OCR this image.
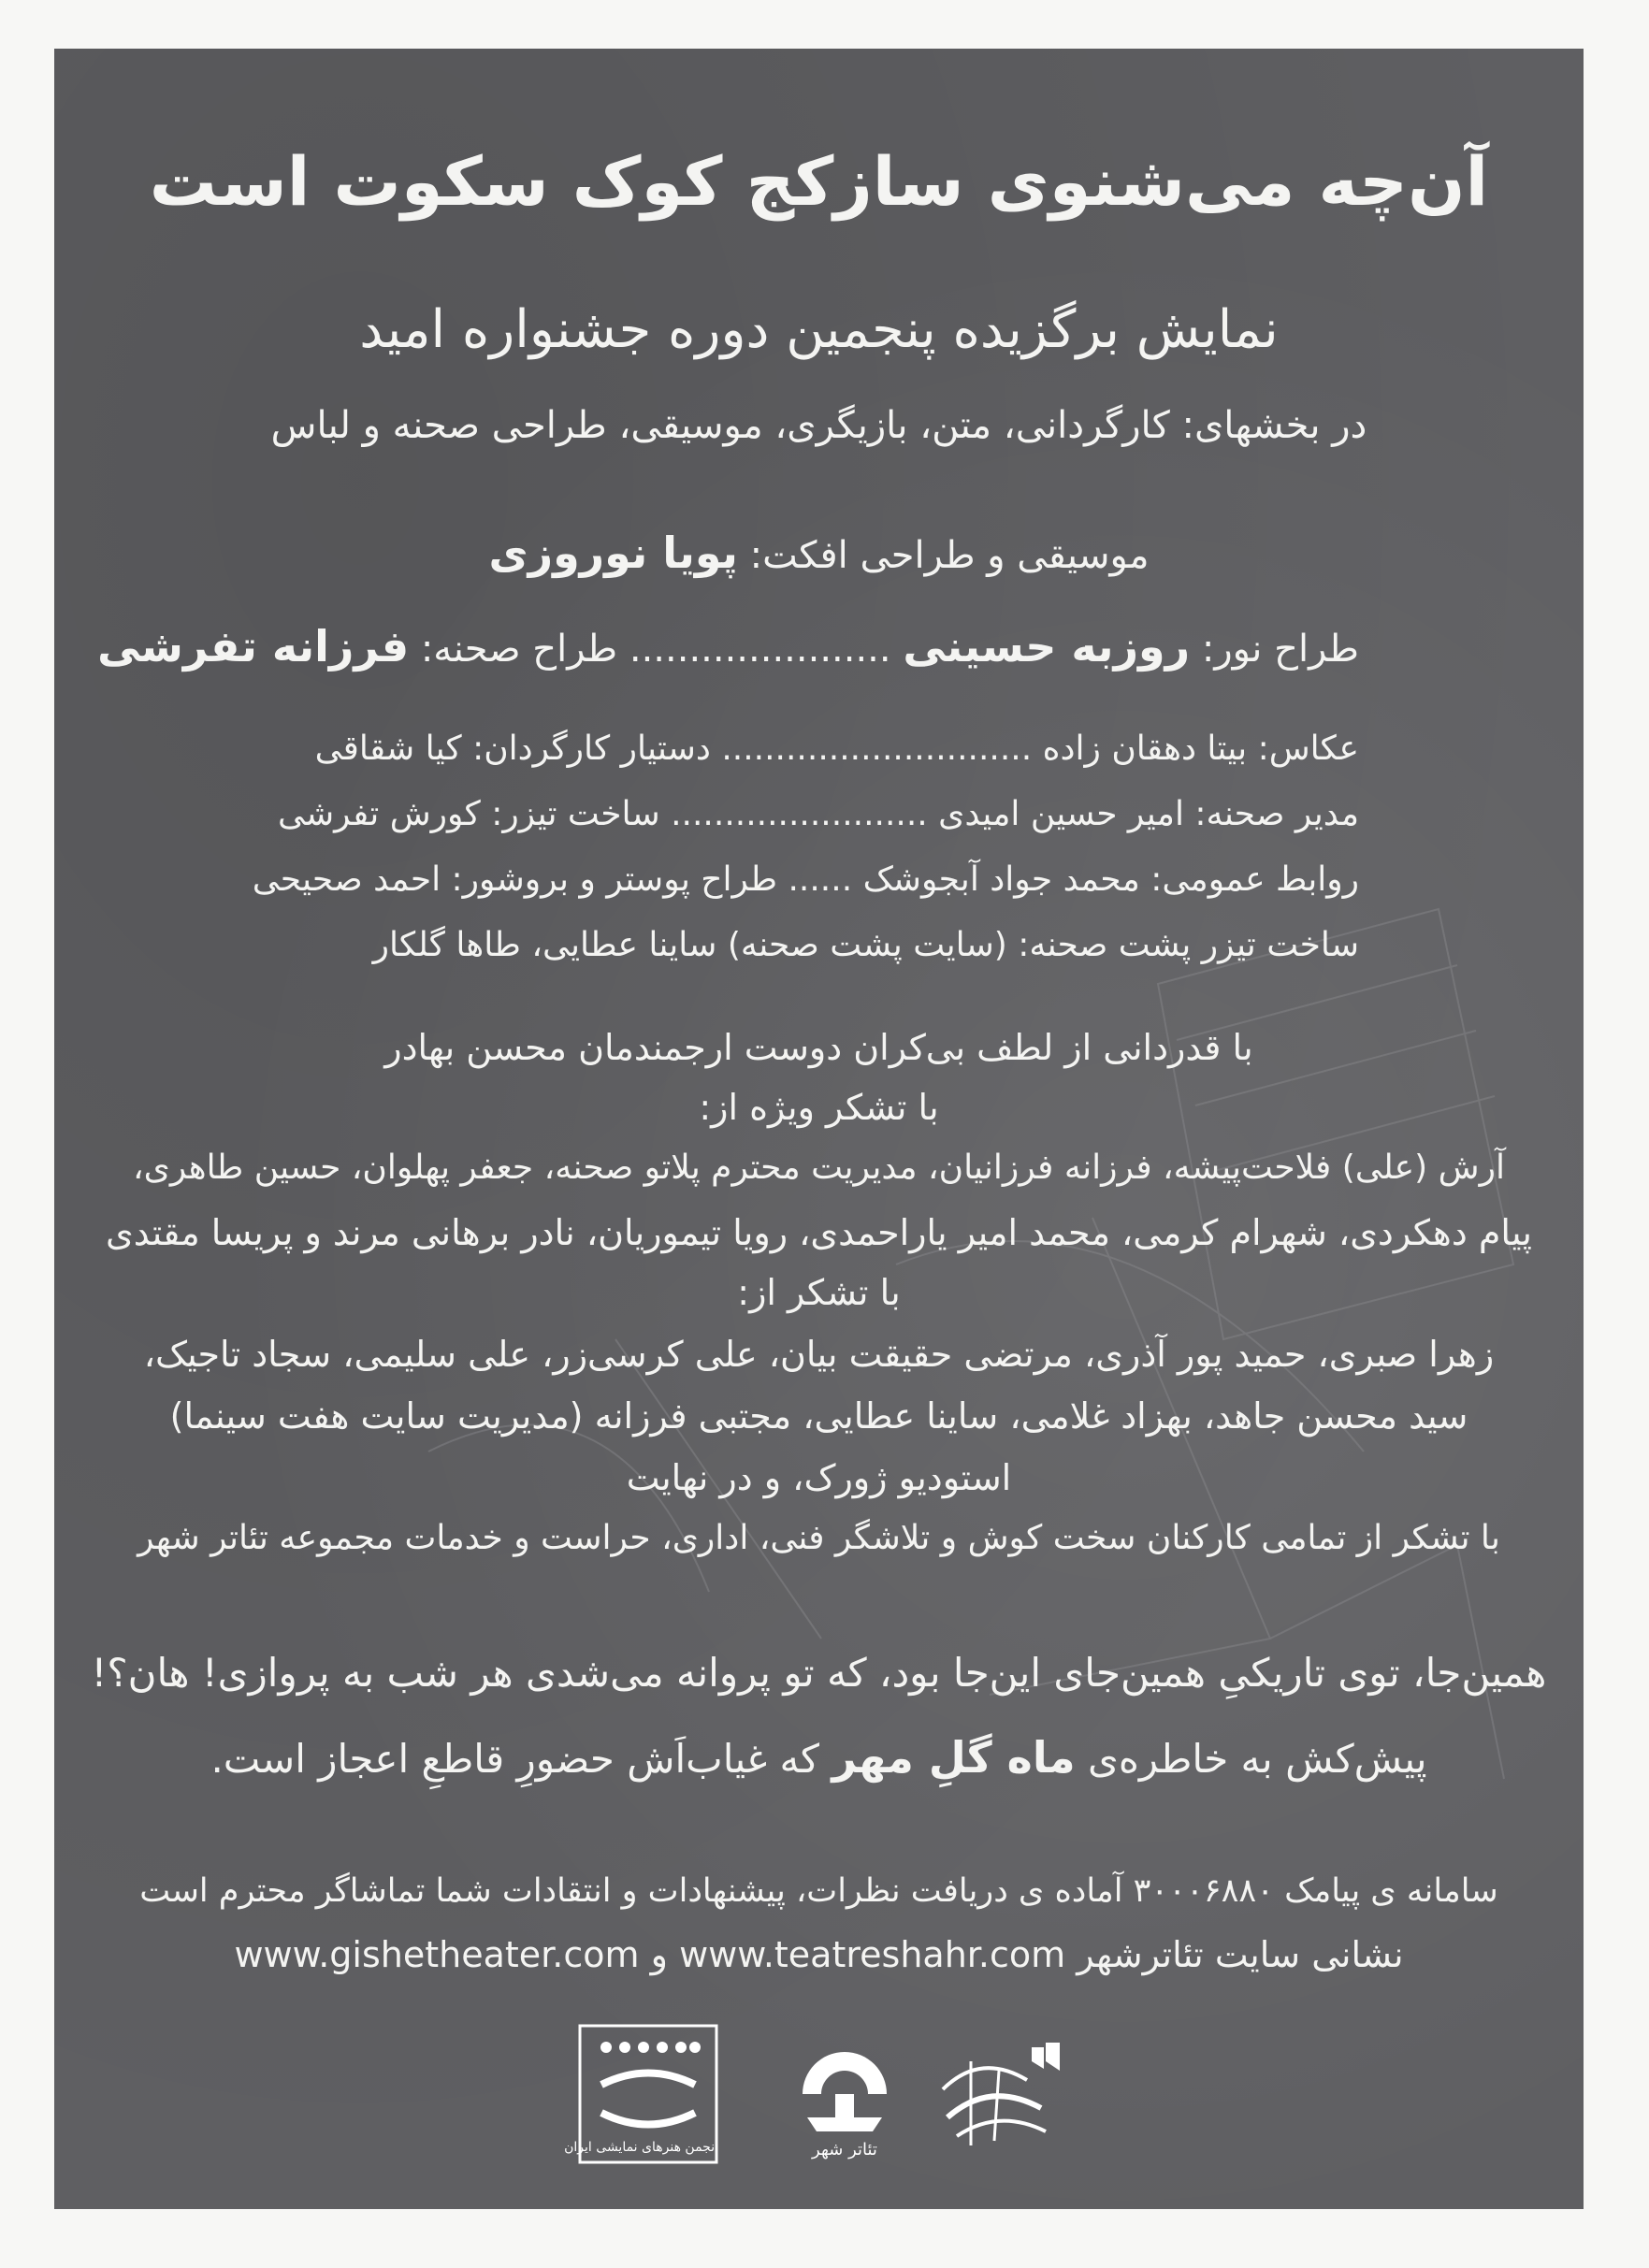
آن‌چه می‌شنوی سازکج کوک سکوت است
نمایش برگزیده پنجمین دوره جشنواره امید
در بخشهای: کارگردانی، متن، بازیگری، موسیقی، طراحی صحنه و لباس
موسیقی و طراحی افکت: پویا نوروزی
طراح نور: روزبه حسینی ...................... طراح صحنه: فرزانه تفرشی
عکاس: بیتا دهقان زاده ............................. دستیار کارگردان: کیا شقاقی
مدیر صحنه: امیر حسین امیدی ........................ ساخت تیزر: کورش تفرشی
روابط عمومی: محمد جواد آبجوشک ...... طراح پوستر و بروشور: احمد صحیحی
ساخت تیزر پشت صحنه: (سایت پشت صحنه) ساینا عطایی، طاها گلکار
با قدردانی از لطف بی‌کران دوست ارجمندمان محسن بهادر
با تشکر ویژه از:
آرش (علی) فلاحت‌پیشه، فرزانه فرزانیان، مدیریت محترم پلاتو صحنه، جعفر پهلوان، حسین طاهری،
پیام دهکردی، شهرام کرمی، محمد امیر یاراحمدی، رویا تیموریان، نادر برهانی مرند و پریسا مقتدی
با تشکر از:
زهرا صبری، حمید پور آذری، مرتضی حقیقت بیان، علی کرسی‌زر، علی سلیمی، سجاد تاجیک،
سید محسن جاهد، بهزاد غلامی، ساینا عطایی، مجتبی فرزانه (مدیریت سایت هفت سینما)
استودیو ژورک، و در نهایت
با تشکر از تمامی کارکنان سخت کوش و تلاشگر فنی، اداری، حراست و خدمات مجموعه تئاتر شهر
همین‌جا، توی تاریکیِ همین‌جای این‌جا بود، که تو پروانه می‌شدی هر شب به پروازی! هان؟!
پیش‌کش به خاطره‌ی ماه گلِ مهر که غیاب‌اَش حضورِ قاطعِ اعجاز است.
سامانه ی پیامک ۳۰۰۰۶۸۸۰ آماده ی دریافت نظرات، پیشنهادات و انتقادات شما تماشاگر محترم است
نشانی سایت تئاترشهر www.teatreshahr.com و www.gishetheater.com
انجمن هنرهای نمایشی ایران	تئاتر شهر
